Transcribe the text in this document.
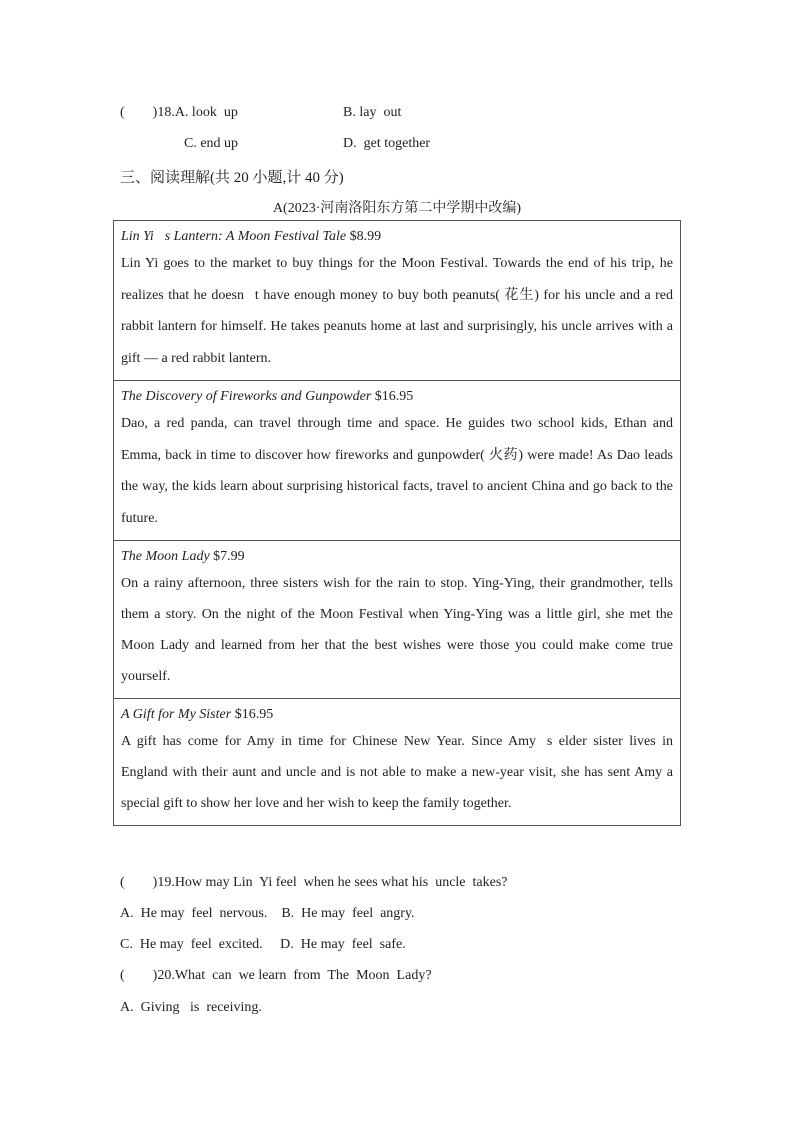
(　　)18.A. look  up	B. lay  out
C. end up	D.  get together
三、阅读理解(共 20 小题,计 40 分)
A(2023·河南洛阳东方第二中学期中改编)
Lin Yi s Lantern: A Moon Festival Tale $8.99
Lin Yi goes to the market to buy things for the Moon Festival. Towards the end of his trip, he realizes that he doesn t have enough money to buy both peanuts( 花生) for his uncle and a red rabbit lantern for himself. He takes peanuts home at last and surprisingly, his uncle arrives with a gift — a red rabbit lantern.

The Discovery of Fireworks and Gunpowder $16.95
Dao, a red panda, can travel through time and space. He guides two school kids, Ethan and Emma, back in time to discover how fireworks and gunpowder( 火药) were made! As Dao leads the way, the kids learn about surprising historical facts, travel to ancient China and go back to the future.

The Moon Lady $7.99
On a rainy afternoon, three sisters wish for the rain to stop. Ying-Ying, their grandmother, tells them a story. On the night of the Moon Festival when Ying-Ying was a little girl, she met the Moon Lady and learned from her that the best wishes were those you could make come true yourself.

A Gift for My Sister $16.95
A gift has come for Amy in time for Chinese New Year. Since Amy s elder sister lives in England with their aunt and uncle and is not able to make a new-year visit, she has sent Amy a special gift to show her love and her wish to keep the family together.
(　　)19.How may Lin  Yi feel  when he sees what his  uncle  takes?
A.  He may  feel  nervous.    B.  He may  feel  angry.
C.  He may  feel  excited.     D.  He may  feel  safe.
(　　)20.What  can  we learn  from  The  Moon  Lady?
A.  Giving   is  receiving.
